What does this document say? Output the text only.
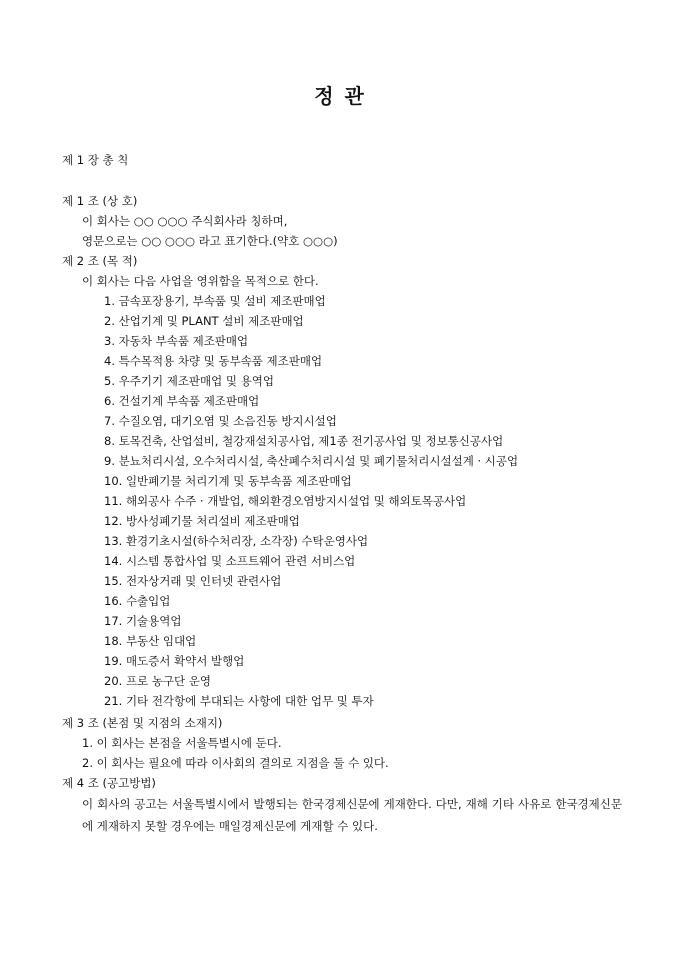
정 관
제 1 장 총 칙
제 1 조 (상 호)
이 회사는 ○○ ○○○ 주식회사라 칭하며,
영문으로는 ○○ ○○○ 라고 표기한다.(약호 ○○○)
제 2 조 (목 적)
이 회사는 다음 사업을 영위함을 목적으로 한다.
1. 금속포장용기, 부속품 및 설비 제조판매업
2. 산업기계 및 PLANT 설비 제조판매업
3. 자동차 부속품 제조판매업
4. 특수목적용 차량 및 동부속품 제조판매업
5. 우주기기 제조판매업 및 용역업
6. 건설기계 부속품 제조판매업
7. 수질오염, 대기오염 및 소음진동 방지시설업
8. 토목건축, 산업설비, 철강재설치공사업, 제1종 전기공사업 및 정보통신공사업
9. 분뇨처리시설, 오수처리시설, 축산폐수처리시설 및 폐기물처리시설설계 · 시공업
10. 일반폐기물 처리기계 및 동부속품 제조판매업
11. 해외공사 수주 · 개발업, 해외환경오염방지시설업 및 해외토목공사업
12. 방사성폐기물 처리설비 제조판매업
13. 환경기초시설(하수처리장, 소각장) 수탁운영사업
14. 시스템 통합사업 및 소프트웨어 관련 서비스업
15. 전자상거래 및 인터넷 관련사업
16. 수출입업
17. 기술용역업
18. 부동산 임대업
19. 매도증서 확약서 발행업
20. 프로 농구단 운영
21. 기타 전각항에 부대되는 사항에 대한 업무 및 투자
제 3 조 (본점 및 지점의 소재지)
1. 이 회사는 본점을 서울특별시에 둔다.
2. 이 회사는 필요에 따라 이사회의 결의로 지점을 둘 수 있다.
제 4 조 (공고방법)
이 회사의 공고는 서울특별시에서 발행되는 한국경제신문에 게재한다. 다만, 재해 기타 사유로 한국경제신문에 게재하지 못할 경우에는 매일경제신문에 게재할 수 있다.
